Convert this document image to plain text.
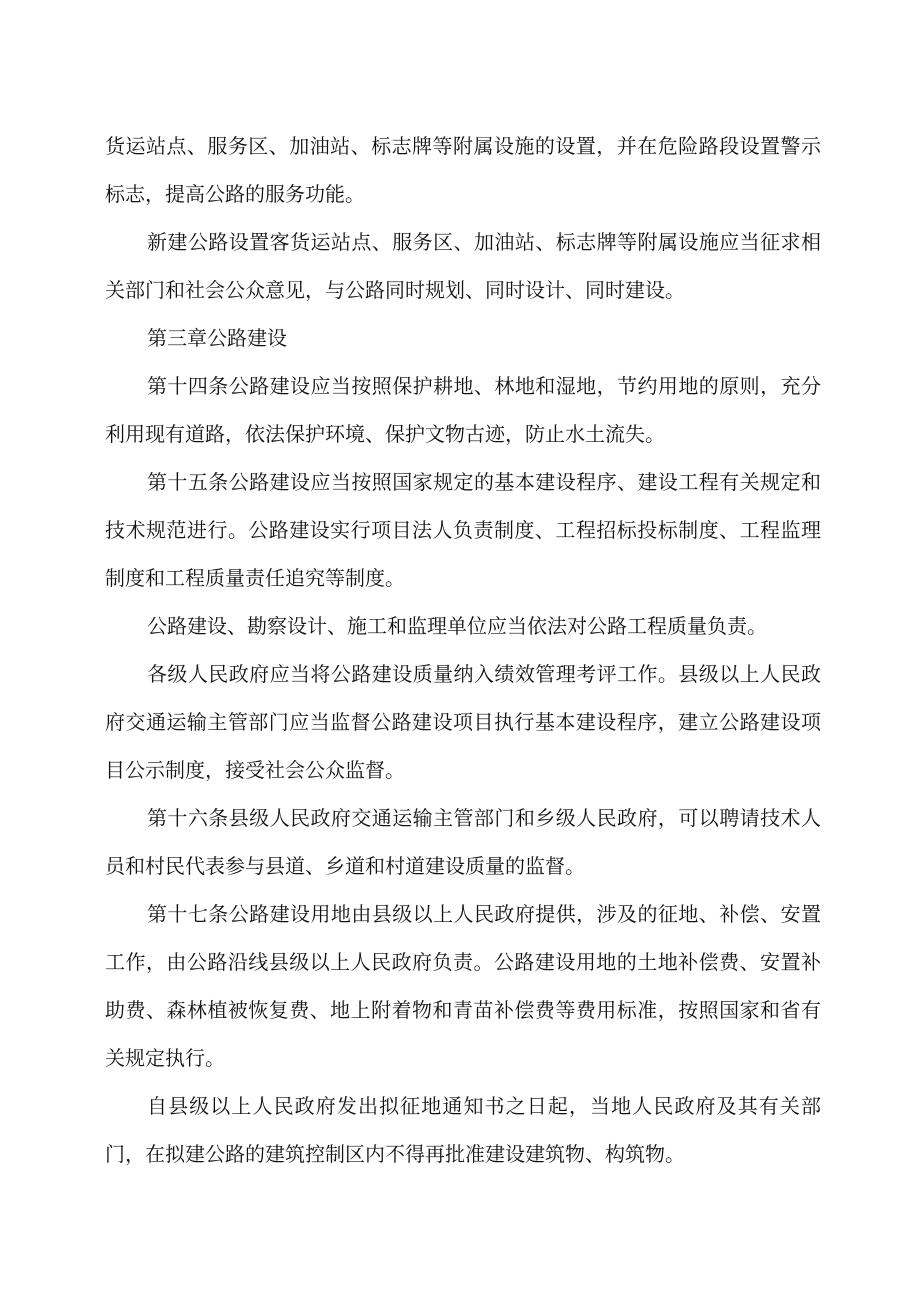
货运站点、服务区、加油站、标志牌等附属设施的设置，并在危险路段设置警示标志，提高公路的服务功能。

新建公路设置客货运站点、服务区、加油站、标志牌等附属设施应当征求相关部门和社会公众意见，与公路同时规划、同时设计、同时建设。

第三章公路建设

第十四条公路建设应当按照保护耕地、林地和湿地，节约用地的原则，充分利用现有道路，依法保护环境、保护文物古迹，防止水土流失。

第十五条公路建设应当按照国家规定的基本建设程序、建设工程有关规定和技术规范进行。公路建设实行项目法人负责制度、工程招标投标制度、工程监理制度和工程质量责任追究等制度。

公路建设、勘察设计、施工和监理单位应当依法对公路工程质量负责。

各级人民政府应当将公路建设质量纳入绩效管理考评工作。县级以上人民政府交通运输主管部门应当监督公路建设项目执行基本建设程序，建立公路建设项目公示制度，接受社会公众监督。

第十六条县级人民政府交通运输主管部门和乡级人民政府，可以聘请技术人员和村民代表参与县道、乡道和村道建设质量的监督。

第十七条公路建设用地由县级以上人民政府提供，涉及的征地、补偿、安置工作，由公路沿线县级以上人民政府负责。公路建设用地的土地补偿费、安置补助费、森林植被恢复费、地上附着物和青苗补偿费等费用标准，按照国家和省有关规定执行。

自县级以上人民政府发出拟征地通知书之日起，当地人民政府及其有关部门，在拟建公路的建筑控制区内不得再批准建设建筑物、构筑物。
